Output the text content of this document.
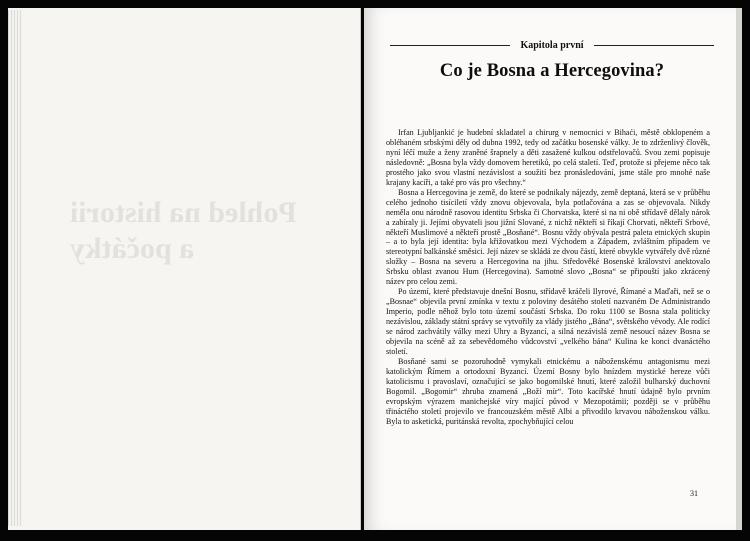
Pohled na historii
a počátky
Kapitola první
Co je Bosna a Hercegovina?

Irfan Ljubljankić je hudební skladatel a chirurg v nemocnici v Bihaći, městě obklopeném a obléhaném srbskými děly od dubna 1992, tedy od začátku bosenské války. Je to zdrženlivý člověk, nyní léčí muže a ženy zraněné šrapnely a děti zasažené kulkou odstřelovačů. Svou zemi popisuje následovně: „Bosna byla vždy domovem heretiků, po celá staletí. Teď, protože si přejeme něco tak prostého jako svou vlastní nezávislost a soužití bez pronásledování, jsme stále pro mnohé naše krajany kacíři, a také pro vás pro všechny.“

Bosna a Hercegovina je země, do které se podnikaly nájezdy, země deptaná, která se v průběhu celého jednoho tisíciletí vždy znovu objevovala, byla potlačována a zas se objevovala. Nikdy neměla onu národně rasovou identitu Srbska či Chorvatska, které si na ni obě střídavě dělaly nárok a zabíraly ji. Jejími obyvateli jsou jižní Slované, z nichž někteří si říkají Chorvati, někteří Srbové, někteří Muslimové a někteří prostě „Bosňané“. Bosnu vždy obývala pestrá paleta etnických skupin – a to byla její identita: byla křižovatkou mezi Východem a Západem, zvláštním případem ve stereotypní balkánské směsici. Její název se skládá ze dvou částí, které obvykle vytvářely dvě různé složky – Bosna na severu a Hercegovina na jihu. Středověké Bosenské království anektovalo Srbsku oblast zvanou Hum (Hercegovina). Samotné slovo „Bosna“ se připouští jako zkrácený název pro celou zemi.

Po území, které představuje dnešní Bosnu, střídavě kráčeli Ilyrové, Římané a Maďaři, než se o „Bosnae“ objevila první zmínka v textu z poloviny desátého století nazvaném De Administrando Imperio, podle něhož bylo toto území součástí Srbska. Do roku 1100 se Bosna stala politicky nezávislou, základy státní správy se vytvořily za vlády jistého „Bána“, světského vévody. Ale rodící se národ zachvátily války mezi Uhry a Byzancí, a silná nezávislá země nesoucí název Bosna se objevila na scéně až za sebevědomého vůdcovství „velkého bána“ Kulina ke konci dvanáctého století.

Bosňané sami se pozoruhodně vymykali etnickému a náboženskému antagonismu mezi katolickým Římem a ortodoxní Byzancí. Území Bosny bylo hnízdem mystické hereze vůči katolicismu i pravoslaví, označující se jako bogomilské hnutí, které založil bulharský duchovní Bogomil. „Bogomir“ zhruba znamená „Boží mír“. Toto kacířské hnutí údajně bylo prvním evropským výrazem manichejské víry mající původ v Mezopotámii; později se v průběhu třináctého století projevilo ve francouzském městě Albi a přivodilo krvavou náboženskou válku. Byla to asketická, puritánská revolta, zpochybňující celou

31
